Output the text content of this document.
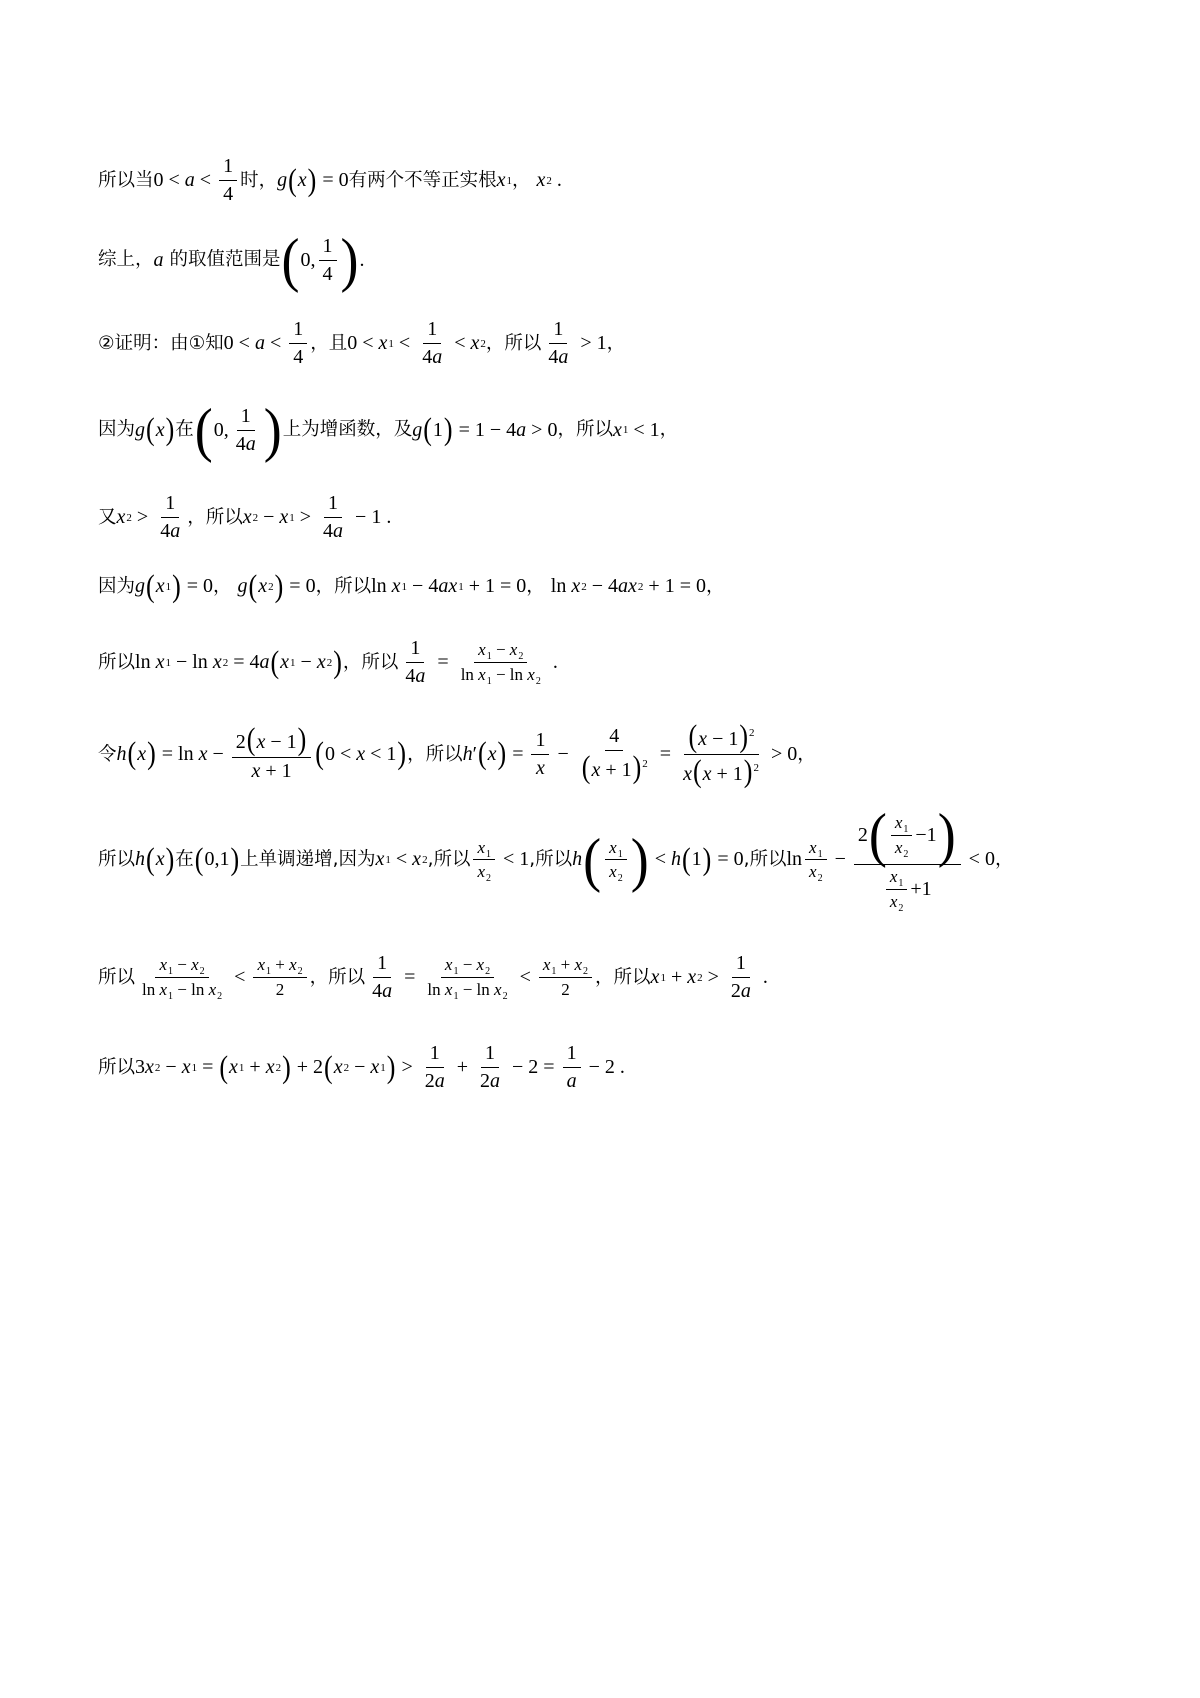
所以当 $0 < a < \frac{1}{4}$ 时， g ( x ) = 0 有两个不等正实根 x 1 ， x 2 .
综上， a 的取值范围是 ( 0, $\frac{1}{4}$ ) .
②证明：由①知 $0 < a < \frac{1}{4}$ ，且 0 < x $1 < \frac{1}{4a} < x$ 2 ，所以 $\frac{1}{4a} > 1$ ，
因为 g ( x ) 在 ( 0, $\frac{1}{4a}$ ) 上为增函数，及 g ( 1 ) = 1 − 4a > 0 ，所以 x 1 < 1 ，
又 x $2 > \frac{1}{4a}$ ，所以 x 2 − x $1 > \frac{1}{4a} - 1$ .
因为 g ( x 1 ) = 0 ， g ( x 2 ) = 0 ，所以 ln x 1 − 4ax 1 + 1 = 0 ， ln x 2 − 4ax 2 + 1 = 0 ，
所以 ln x 1 − ln x 2 = 4a ( x 1 − x 2 ) ，所以 $\frac{1}{4a} = \frac{x_1 - x_2}{\ln x_1 - \ln x_2}$ .
令 h ( x ) = $\ln x - \frac{2(x - 1)}{x + 1}$ ( 0 < x < 1 ) ，所以 h ′ ( x ) = $\frac{1}{x} - \frac{4}{(x + 1)^2} = \frac{(x - 1)^2}{x(x + 1)^2} > 0$ ，
所以 h ( x ) 在 ( 0,1 ) 上单调递增,因为 x 1 < x 2 ,所以 $\frac{x_1}{x_2} < 1$ ,所以 h ( $\frac{x_1}{x_2}$ ) < h ( 1 ) = 0 ,所以 $\ln \frac{x_1}{x_2} - \frac{2 ( \frac{x_1}{x_2} -1 )}{\frac{x_1}{x_2} +1} < 0$ ，
所以 $\frac{x_1 - x_2}{\ln x_1 - \ln x_2} < \frac{x_1 + x_2}{2}$ ，所以 $\frac{1}{4a} = \frac{x_1 - x_2}{\ln x_1 - \ln x_2} < \frac{x_1 + x_2}{2}$ ，所以 x 1 + x $2 > \frac{1}{2a}$ .
所以 3x 2 − x 1 = ( x 1 + x 2 ) + 2 ( x 2 − x 1 ) > $\frac{1}{2a} + \frac{1}{2a} - 2 = \frac{1}{a} - 2$ .
